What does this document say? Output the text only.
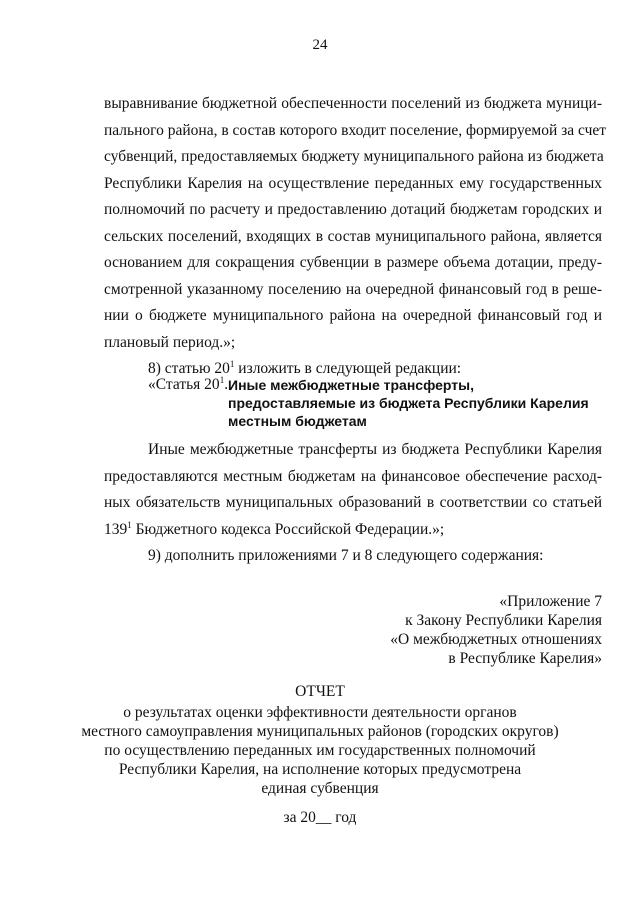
24
выравнивание бюджетной обеспеченности поселений из бюджета муници-
пального района, в состав которого входит поселение, формируемой за счет
субвенций, предоставляемых бюджету муниципального района из бюджета
Республики Карелия на осуществление переданных ему государственных
полномочий по расчету и предоставлению дотаций бюджетам городских и
сельских поселений, входящих в состав муниципального района, является
основанием для сокращения субвенции в размере объема дотации, преду-
смотренной указанному поселению на очередной финансовый год в реше-
нии о бюджете муниципального района на очередной финансовый год и
плановый период.»;
8) статью $20^1$ изложить в следующей редакции:
«Статья $20^1$. Иные межбюджетные трансферты,
предоставляемые из бюджета Республики Карелия
местным бюджетам
Иные межбюджетные трансферты из бюджета Республики Карелия
предоставляются местным бюджетам на финансовое обеспечение расход-
ных обязательств муниципальных образований в соответствии со статьей
$139^1$ Бюджетного кодекса Российской Федерации.»;
9) дополнить приложениями 7 и 8 следующего содержания:
«Приложение 7
к Закону Республики Карелия
«О межбюджетных отношениях
в Республике Карелия»
ОТЧЕТ
о результатах оценки эффективности деятельности органов
местного самоуправления муниципальных районов (городских округов)
по осуществлению переданных им государственных полномочий
Республики Карелия, на исполнение которых предусмотрена
единая субвенция
за 20__ год
